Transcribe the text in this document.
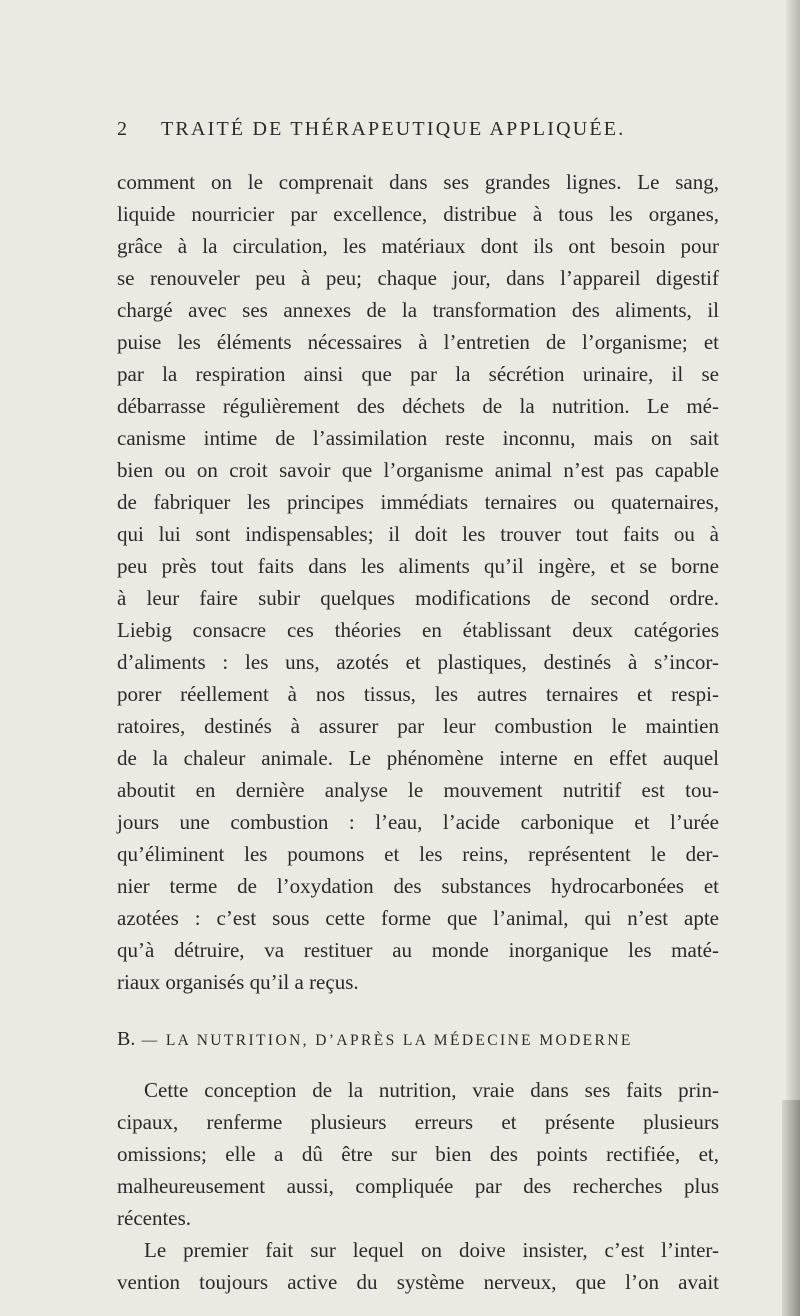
2 TRAITÉ DE THÉRAPEUTIQUE APPLIQUÉE.
comment on le comprenait dans ses grandes lignes. Le sang,
liquide nourricier par excellence, distribue à tous les organes,
grâce à la circulation, les matériaux dont ils ont besoin pour
se renouveler peu à peu; chaque jour, dans l’appareil digestif
chargé avec ses annexes de la transformation des aliments, il
puise les éléments nécessaires à l’entretien de l’organisme; et
par la respiration ainsi que par la sécrétion urinaire, il se
débarrasse régulièrement des déchets de la nutrition. Le mé-
canisme intime de l’assimilation reste inconnu, mais on sait
bien ou on croit savoir que l’organisme animal n’est pas capable
de fabriquer les principes immédiats ternaires ou quaternaires,
qui lui sont indispensables; il doit les trouver tout faits ou à
peu près tout faits dans les aliments qu’il ingère, et se borne
à leur faire subir quelques modifications de second ordre.
Liebig consacre ces théories en établissant deux catégories
d’aliments : les uns, azotés et plastiques, destinés à s’incor-
porer réellement à nos tissus, les autres ternaires et respi-
ratoires, destinés à assurer par leur combustion le maintien
de la chaleur animale. Le phénomène interne en effet auquel
aboutit en dernière analyse le mouvement nutritif est tou-
jours une combustion : l’eau, l’acide carbonique et l’urée
qu’éliminent les poumons et les reins, représentent le der-
nier terme de l’oxydation des substances hydrocarbonées et
azotées : c’est sous cette forme que l’animal, qui n’est apte
qu’à détruire, va restituer au monde inorganique les maté-
riaux organisés qu’il a reçus.
B. — LA NUTRITION, D’APRÈS LA MÉDECINE MODERNE
Cette conception de la nutrition, vraie dans ses faits prin-
cipaux, renferme plusieurs erreurs et présente plusieurs
omissions; elle a dû être sur bien des points rectifiée, et,
malheureusement aussi, compliquée par des recherches plus
récentes.
Le premier fait sur lequel on doive insister, c’est l’inter-
vention toujours active du système nerveux, que l’on avait
